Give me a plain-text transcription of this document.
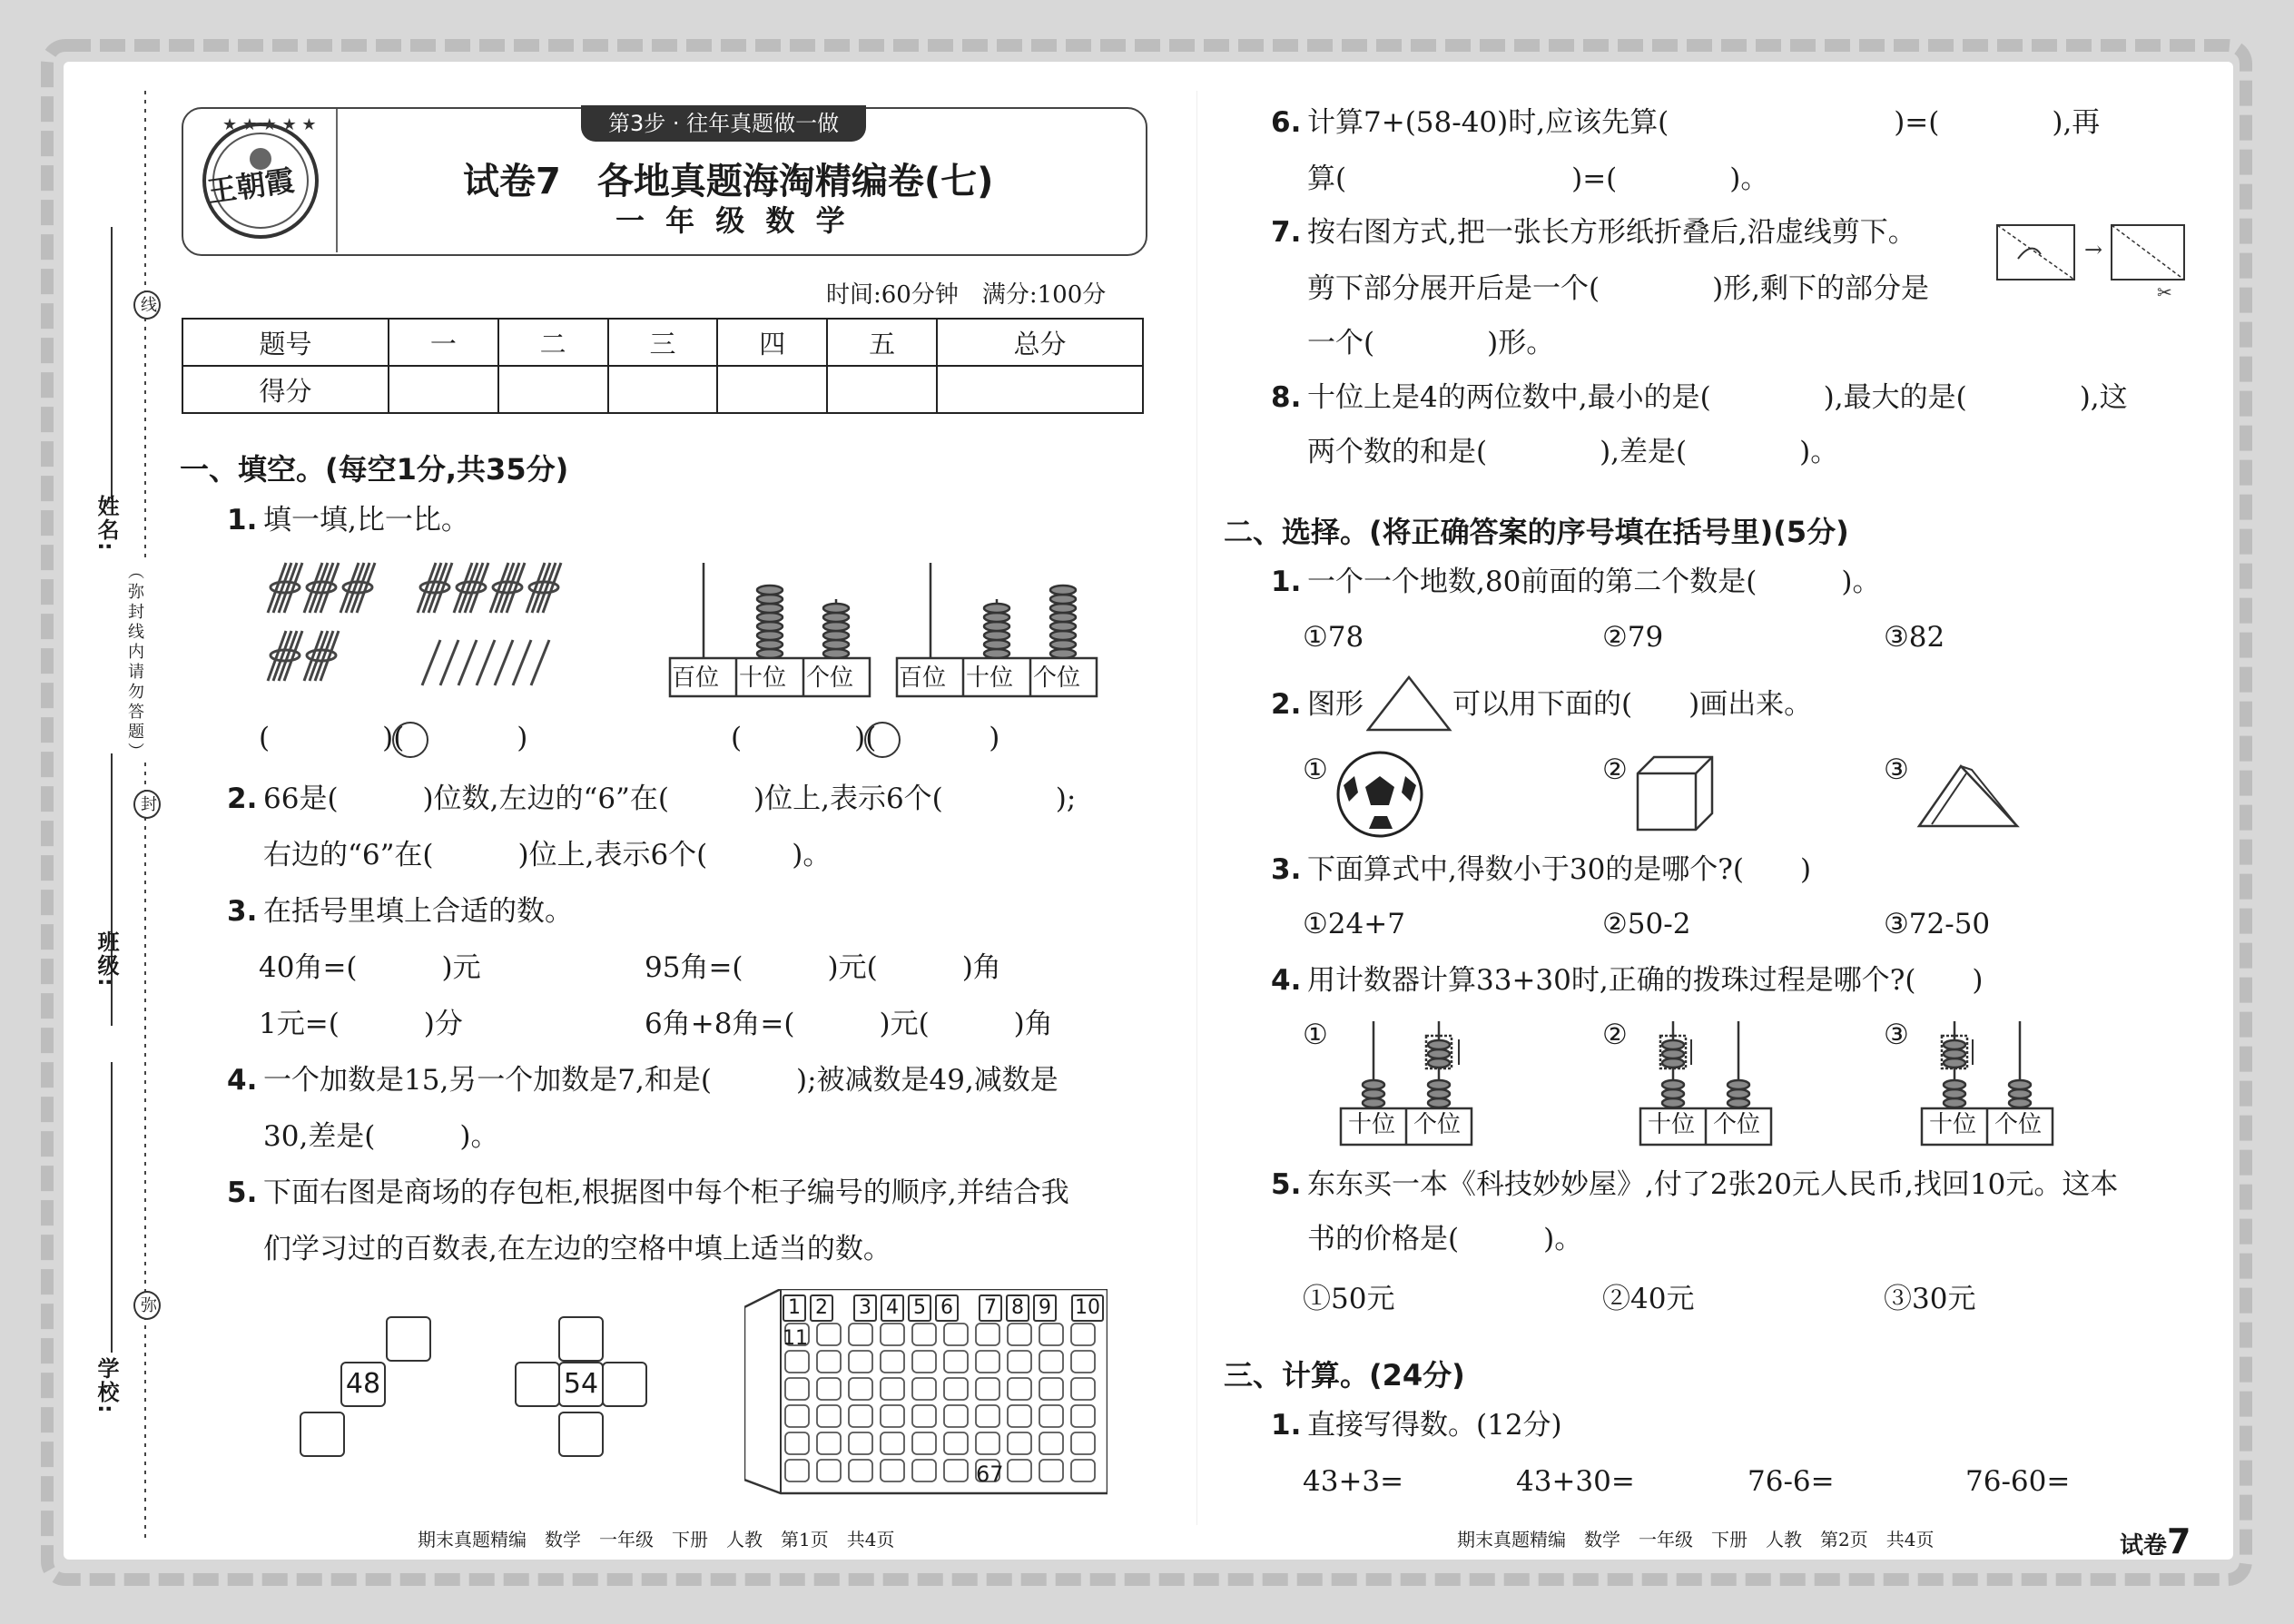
姓名:
班级:
学校:
线
封
弥
（弥封线内请勿答题）
第3步 · 往年真题做一做
★ ★ ★ ★ ★
王朝霞	试卷7　各地真题海淘精编卷(七)
一 年 级 数 学
时间:60分钟　满分:100分
题号	一	二	三	四	五	总分
得分						
一、填空。(每空1分,共35分)
1. 填一填,比一比。
百位 十位 个位 百位 十位 个位
(　　　　)(　　　　)	(　　　　)(　　　　)
2. 66是(　　　)位数,左边的“6”在(　　　)位上,表示6个(　　　　);
右边的“6”在(　　　)位上,表示6个(　　　)。
3. 在括号里填上合适的数。
40角=(　　　)元	95角=(　　　)元(　　　)角
1元=(　　　)分	6角+8角=(　　　)元(　　　)角
4. 一个加数是15,另一个加数是7,和是(　　　);被减数是49,减数是
30,差是(　　　)。
5. 下面右图是商场的存包柜,根据图中每个柜子编号的顺序,并结合我
们学习过的百数表,在左边的空格中填上适当的数。
48	54
1 2 3 4 5 6 7 8 9 10
11
67
6. 计算7+(58-40)时,应该先算(　　　　　　　　)=(　　　　),再
算(　　　　　　　　)=(　　　　)。
7. 按右图方式,把一张长方形纸折叠后,沿虚线剪下。
剪下部分展开后是一个(　　　　)形,剩下的部分是
一个(　　　　)形。
→
✂
8. 十位上是4的两位数中,最小的是(　　　　),最大的是(　　　　),这
两个数的和是(　　　　),差是(　　　　)。
二、选择。(将正确答案的序号填在括号里)(5分)
1. 一个一个地数,80前面的第二个数是(　　　)。
①78	②79	③82
2. 图形	可以用下面的(　　)画出来。
①	②	③
3. 下面算式中,得数小于30的是哪个?(　　)
①24+7	②50-2	③72-50
4. 用计数器计算33+30时,正确的拨珠过程是哪个?(　　)
①	②	③
十位 个位	十位 个位	十位 个位
5. 东东买一本《科技妙妙屋》,付了2张20元人民币,找回10元。这本
书的价格是(　　　)。
①50元	②40元	③30元
三、计算。(24分)
1. 直接写得数。(12分)
43+3=	43+30=	76-6=	76-60=
期末真题精编　数学　一年级　下册　人教　第1页　共4页	期末真题精编　数学　一年级　下册　人教　第2页　共4页	试卷7
